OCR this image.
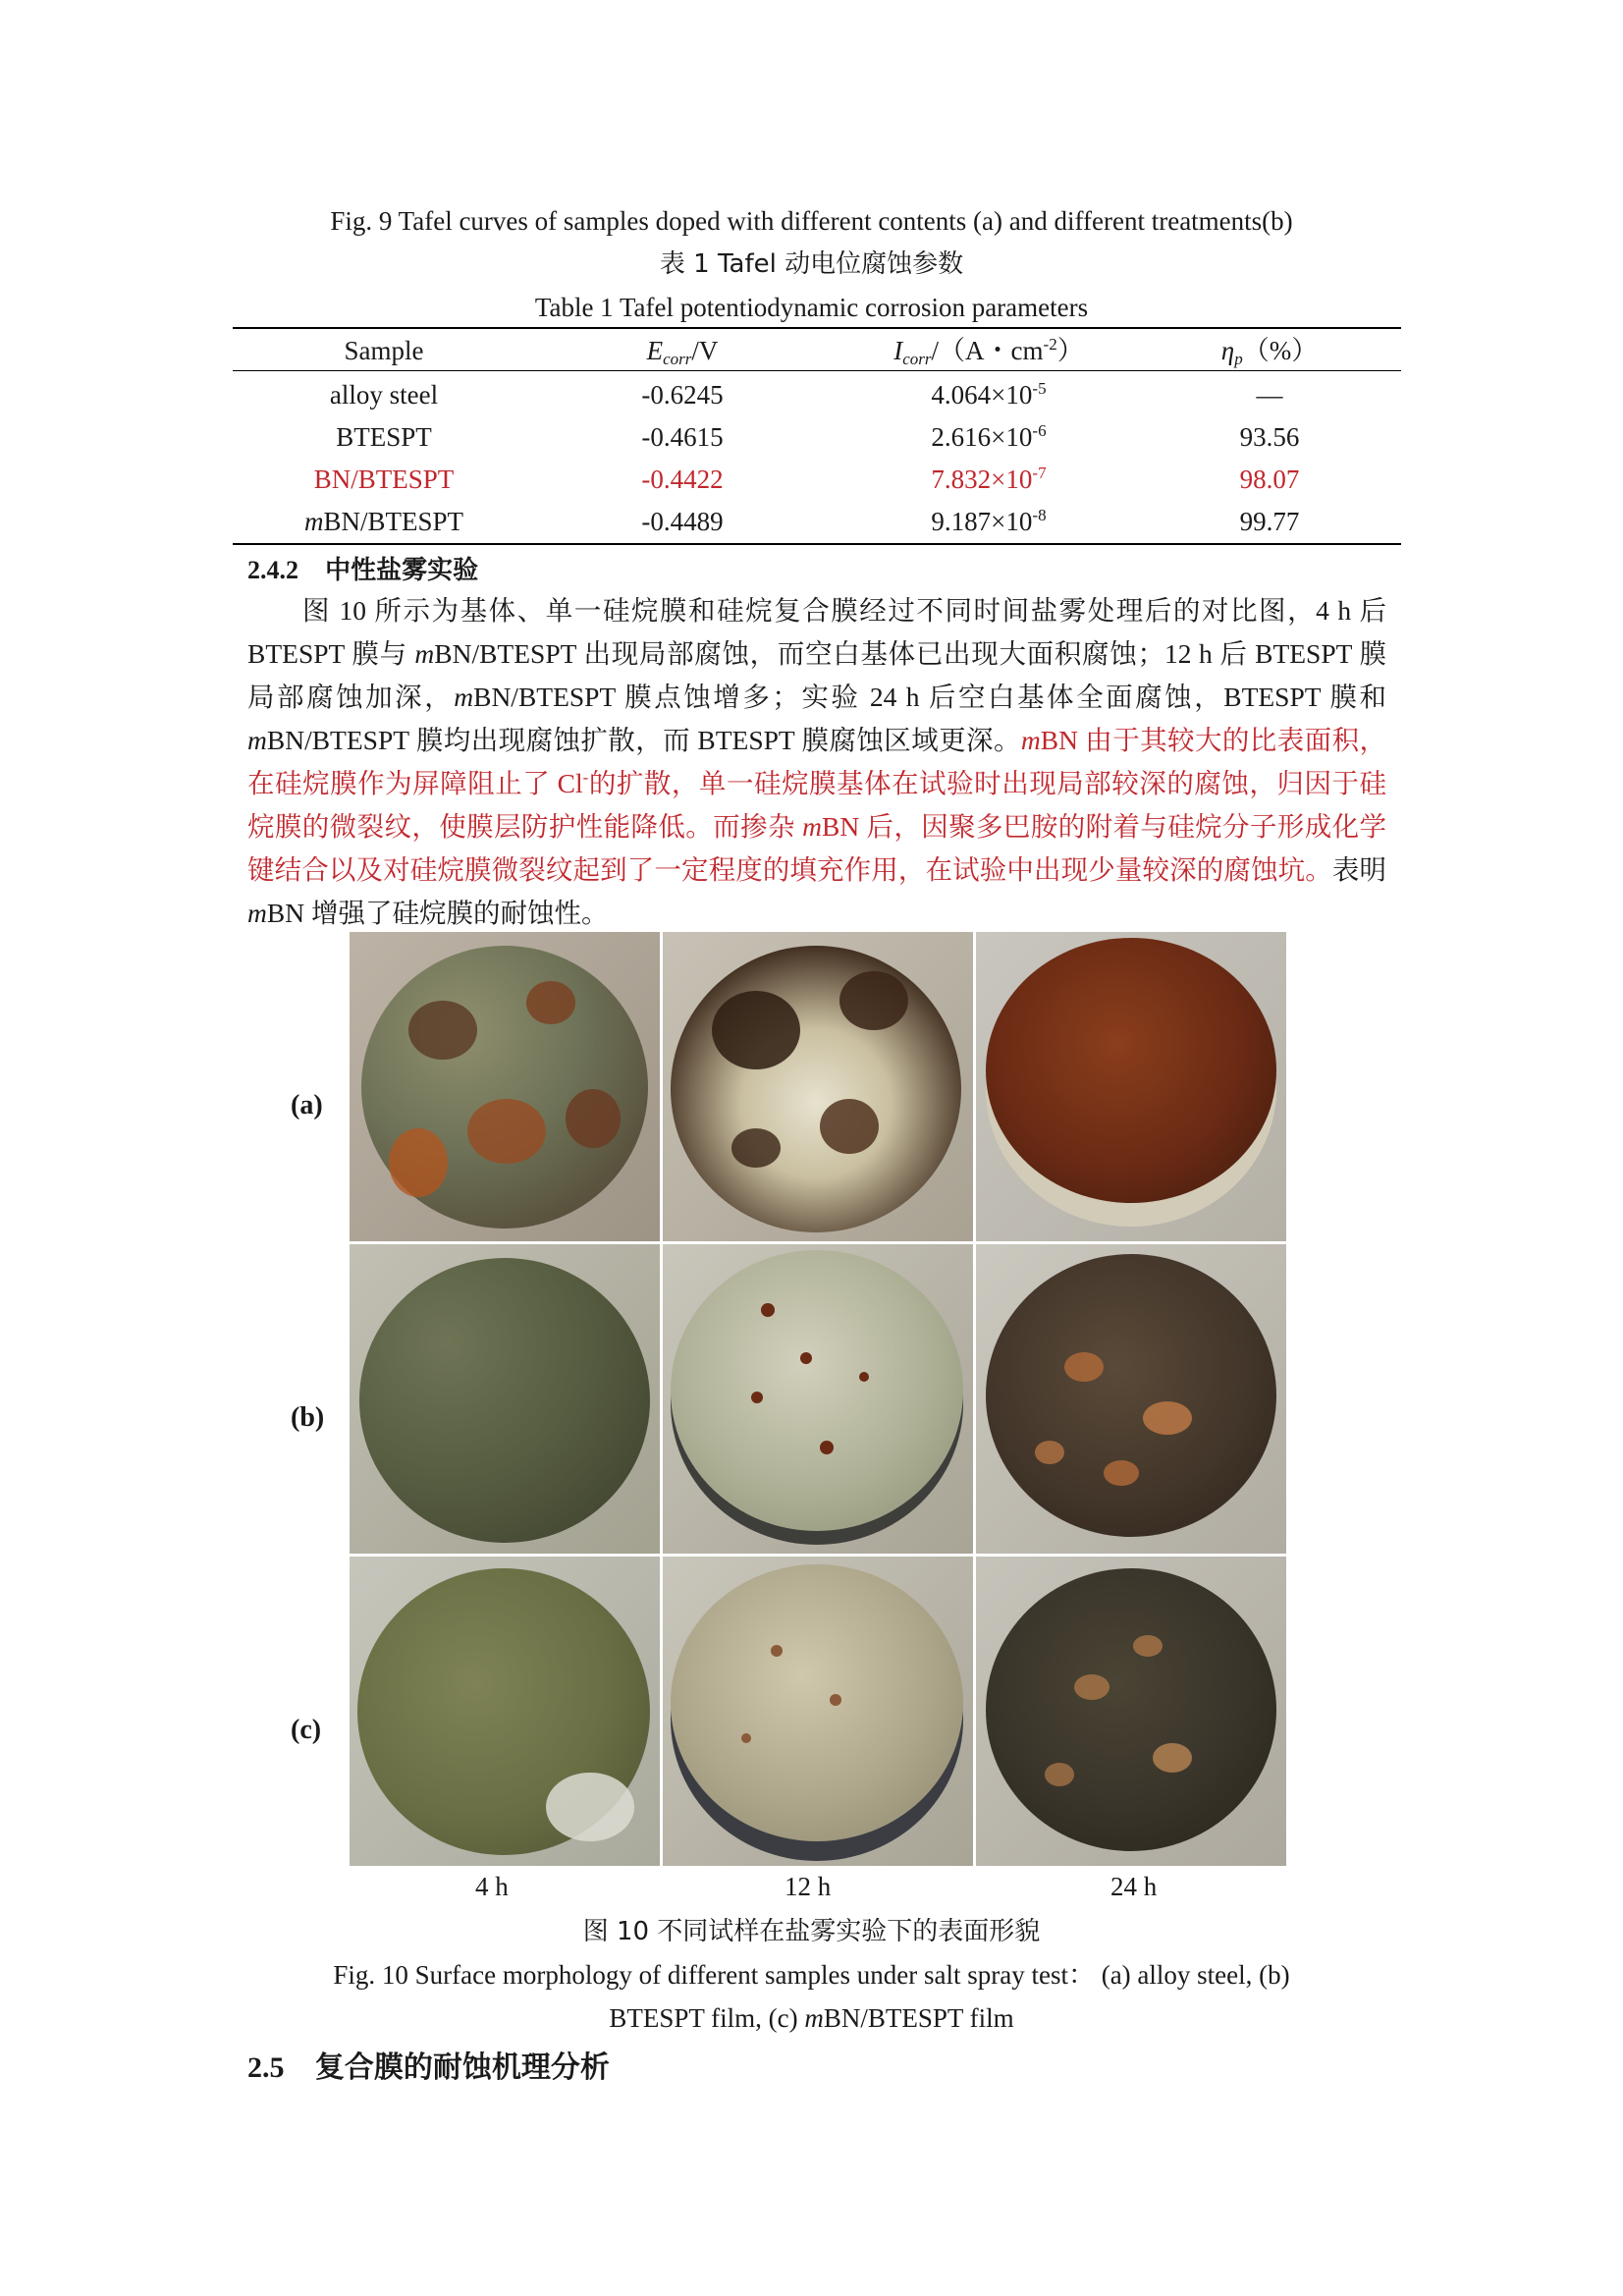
Fig. 9 Tafel curves of samples doped with different contents (a) and different treatments(b)
表 1 Tafel 动电位腐蚀参数
Table 1 Tafel potentiodynamic corrosion parameters
Sample	$E_{corr}/V$	$I_{corr}/(A$・$cm^{-2}$）	$\eta_p(\%)$
alloy steel	-0.6245	$4.064\times 10^{-5}$	—
BTESPT	-0.4615	$2.616\times 10^{-6}$	93.56
BN/BTESPT	-0.4422	$7.832\times 10^{-7}$	98.07
mBN/BTESPT	-0.4489	$9.187\times 10^{-8}$	99.77
2.4.2 中性盐雾实验

图 10 所示为基体、单一硅烷膜和硅烷复合膜经过不同时间盐雾处理后的对比图，4 h 后 BTESPT 膜与 mBN/BTESPT 出现局部腐蚀，而空白基体已出现大面积腐蚀；12 h 后 BTESPT 膜局部腐蚀加深，mBN/BTESPT 膜点蚀增多；实验 24 h 后空白基体全面腐蚀，BTESPT 膜和 mBN/BTESPT 膜均出现腐蚀扩散，而 BTESPT 膜腐蚀区域更深。mBN 由于其较大的比表面积，在硅烷膜作为屏障阻止了 Cl-的扩散，单一硅烷膜基体在试验时出现局部较深的腐蚀，归因于硅烷膜的微裂纹，使膜层防护性能降低。而掺杂 mBN 后，因聚多巴胺的附着与硅烷分子形成化学键结合以及对硅烷膜微裂纹起到了一定程度的填充作用，在试验中出现少量较深的腐蚀坑。表明 mBN 增强了硅烷膜的耐蚀性。

(a)
(b)
(c)
4 h	12 h	24 h
图 10 不同试样在盐雾实验下的表面形貌
Fig. 10 Surface morphology of different samples under salt spray test： (a) alloy steel, (b)
BTESPT film, (c) mBN/BTESPT film
2.5 复合膜的耐蚀机理分析
